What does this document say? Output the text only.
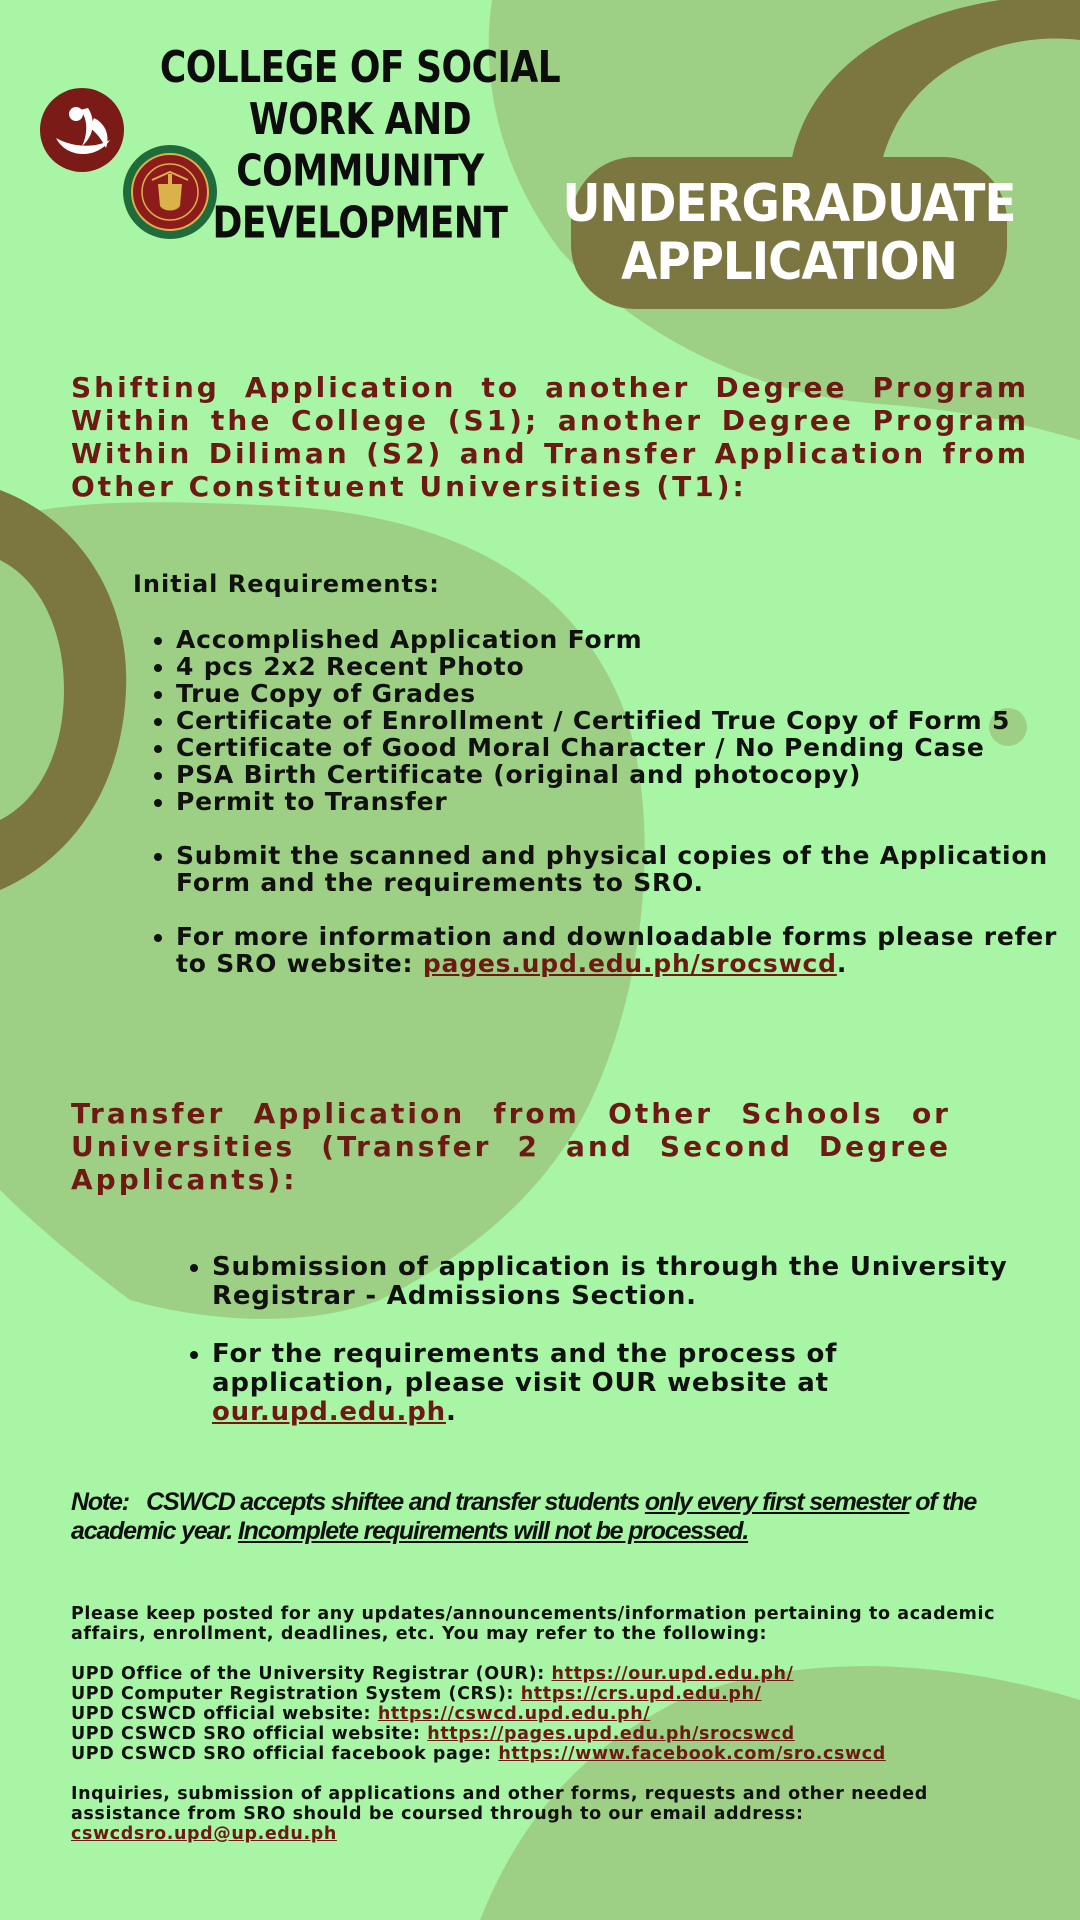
COLLEGE OF SOCIAL WORK AND
COMMUNITY DEVELOPMENT	UNDERGRADUATE
APPLICATION
Shifting Application to another Degree Program Within the College (S1); another Degree Program Within Diliman (S2) and Transfer Application from Other Constituent Universities (T1):
Initial Requirements:
• Accomplished Application Form
• 4 pcs 2x2 Recent Photo
• True Copy of Grades
• Certificate of Enrollment / Certified True Copy of Form 5
• Certificate of Good Moral Character / No Pending Case
• PSA Birth Certificate (original and photocopy)
• Permit to Transfer
• Submit the scanned and physical copies of the Application Form and the requirements to SRO.
• For more information and downloadable forms please refer to SRO website: pages.upd.edu.ph/srocswcd.
Transfer Application from Other Schools or Universities (Transfer 2 and Second Degree Applicants):
• Submission of application is through the University Registrar - Admissions Section.
• For the requirements and the process of application, please visit OUR website at our.upd.edu.ph.
Note:   CSWCD accepts shiftee and transfer students only every first semester of the academic year. Incomplete requirements will not be processed.

Please keep posted for any updates/announcements/information pertaining to academic affairs, enrollment, deadlines, etc. You may refer to the following:

UPD Office of the University Registrar (OUR): https://our.upd.edu.ph/

UPD Computer Registration System (CRS): https://crs.upd.edu.ph/

UPD CSWCD official website: https://cswcd.upd.edu.ph/

UPD CSWCD SRO official website: https://pages.upd.edu.ph/srocswcd

UPD CSWCD SRO official facebook page: https://www.facebook.com/sro.cswcd

Inquiries, submission of applications and other forms, requests and other needed assistance from SRO should be coursed through to our email address: cswcdsro.upd@up.edu.ph
